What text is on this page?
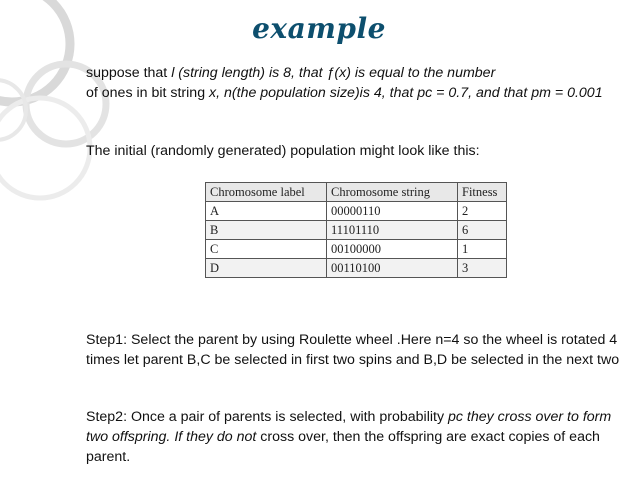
example

suppose that l (string length) is 8, that ƒ(x) is equal to the number
of ones in bit string x, n(the population size)is 4, that pc = 0.7, and that pm = 0.001

The initial (randomly generated) population might look like this:

Chromosome label	Chromosome string	Fitness
A	00000110	2
B	11101110	6
C	00100000	1
D	00110100	3

Step1: Select the parent by using Roulette wheel .Here n=4 so the wheel is rotated 4 times let parent B,C be selected in first two spins and B,D be selected in the next two

Step2: Once a pair of parents is selected, with probability pc they cross over to form two offspring. If they do not cross over, then the offspring are exact copies of each parent.
